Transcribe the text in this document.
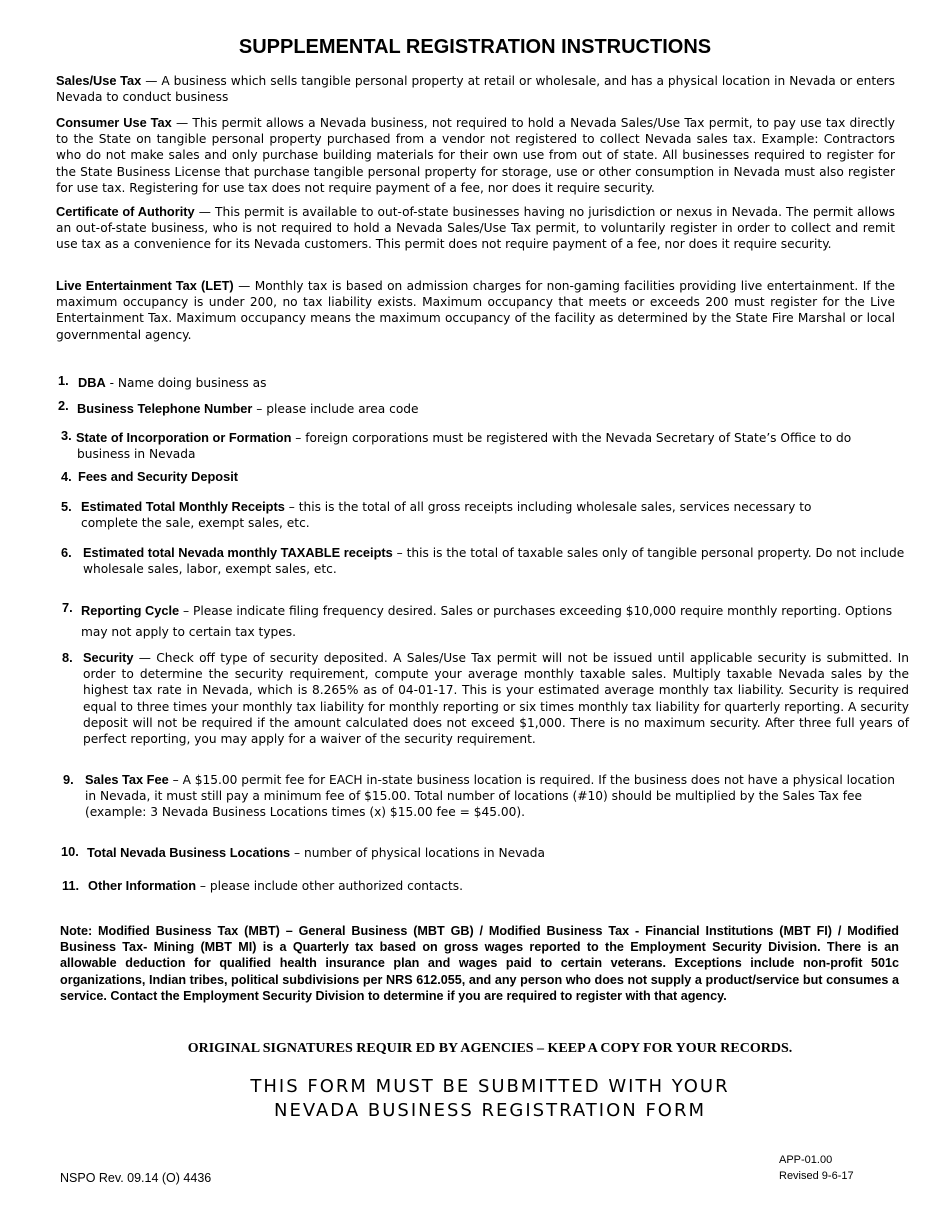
SUPPLEMENTAL REGISTRATION INSTRUCTIONS
Sales/Use Tax — A business which sells tangible personal property at retail or wholesale, and has a physical location in Nevada or enters Nevada to conduct business
Consumer Use Tax — This permit allows a Nevada business, not required to hold a Nevada Sales/Use Tax permit, to pay use tax directly to the State on tangible personal property purchased from a vendor not registered to collect Nevada sales tax. Example: Contractors who do not make sales and only purchase building materials for their own use from out of state. All businesses required to register for the State Business License that purchase tangible personal property for storage, use or other consumption in Nevada must also register for use tax. Registering for use tax does not require payment of a fee, nor does it require security.
Certificate of Authority — This permit is available to out-of-state businesses having no jurisdiction or nexus in Nevada. The permit allows an out-of-state business, who is not required to hold a Nevada Sales/Use Tax permit, to voluntarily register in order to collect and remit use tax as a convenience for its Nevada customers. This permit does not require payment of a fee, nor does it require security.
Live Entertainment Tax (LET) — Monthly tax is based on admission charges for non-gaming facilities providing live entertainment. If the maximum occupancy is under 200, no tax liability exists. Maximum occupancy that meets or exceeds 200 must register for the Live Entertainment Tax. Maximum occupancy means the maximum occupancy of the facility as determined by the State Fire Marshal or local governmental agency.
1. DBA - Name doing business as
2. Business Telephone Number – please include area code
3. State of Incorporation or Formation – foreign corporations must be registered with the Nevada Secretary of State’s Office to do business in Nevada
4. Fees and Security Deposit
5. Estimated Total Monthly Receipts – this is the total of all gross receipts including wholesale sales, services necessary to complete the sale, exempt sales, etc.
6. Estimated total Nevada monthly TAXABLE receipts – this is the total of taxable sales only of tangible personal property. Do not include wholesale sales, labor, exempt sales, etc.
7. Reporting Cycle – Please indicate filing frequency desired. Sales or purchases exceeding $10,000 require monthly reporting. Options may not apply to certain tax types.
8. Security — Check off type of security deposited. A Sales/Use Tax permit will not be issued until applicable security is submitted. In order to determine the security requirement, compute your average monthly taxable sales. Multiply taxable Nevada sales by the highest tax rate in Nevada, which is 8.265% as of 04-01-17. This is your estimated average monthly tax liability. Security is required equal to three times your monthly tax liability for monthly reporting or six times monthly tax liability for quarterly reporting. A security deposit will not be required if the amount calculated does not exceed $1,000. There is no maximum security. After three full years of perfect reporting, you may apply for a waiver of the security requirement.
9. Sales Tax Fee – A $15.00 permit fee for EACH in-state business location is required. If the business does not have a physical location in Nevada, it must still pay a minimum fee of $15.00. Total number of locations (#10) should be multiplied by the Sales Tax fee (example: 3 Nevada Business Locations times (x) $15.00 fee = $45.00).
10. Total Nevada Business Locations – number of physical locations in Nevada
11. Other Information – please include other authorized contacts.
Note: Modified Business Tax (MBT) – General Business (MBT GB) / Modified Business Tax - Financial Institutions (MBT FI) / Modified Business Tax- Mining (MBT MI) is a Quarterly tax based on gross wages reported to the Employment Security Division. There is an allowable deduction for qualified health insurance plan and wages paid to certain veterans. Exceptions include non-profit 501c organizations, Indian tribes, political subdivisions per NRS 612.055, and any person who does not supply a product/service but consumes a service. Contact the Employment Security Division to determine if you are required to register with that agency.
ORIGINAL SIGNATURES REQUIR ED BY AGENCIES – KEEP A COPY FOR YOUR RECORDS.
THIS FORM MUST BE SUBMITTED WITH YOUR
NEVADA BUSINESS REGISTRATION FORM
NSPO Rev. 09.14 (O) 4436
APP-01.00
Revised 9-6-17
